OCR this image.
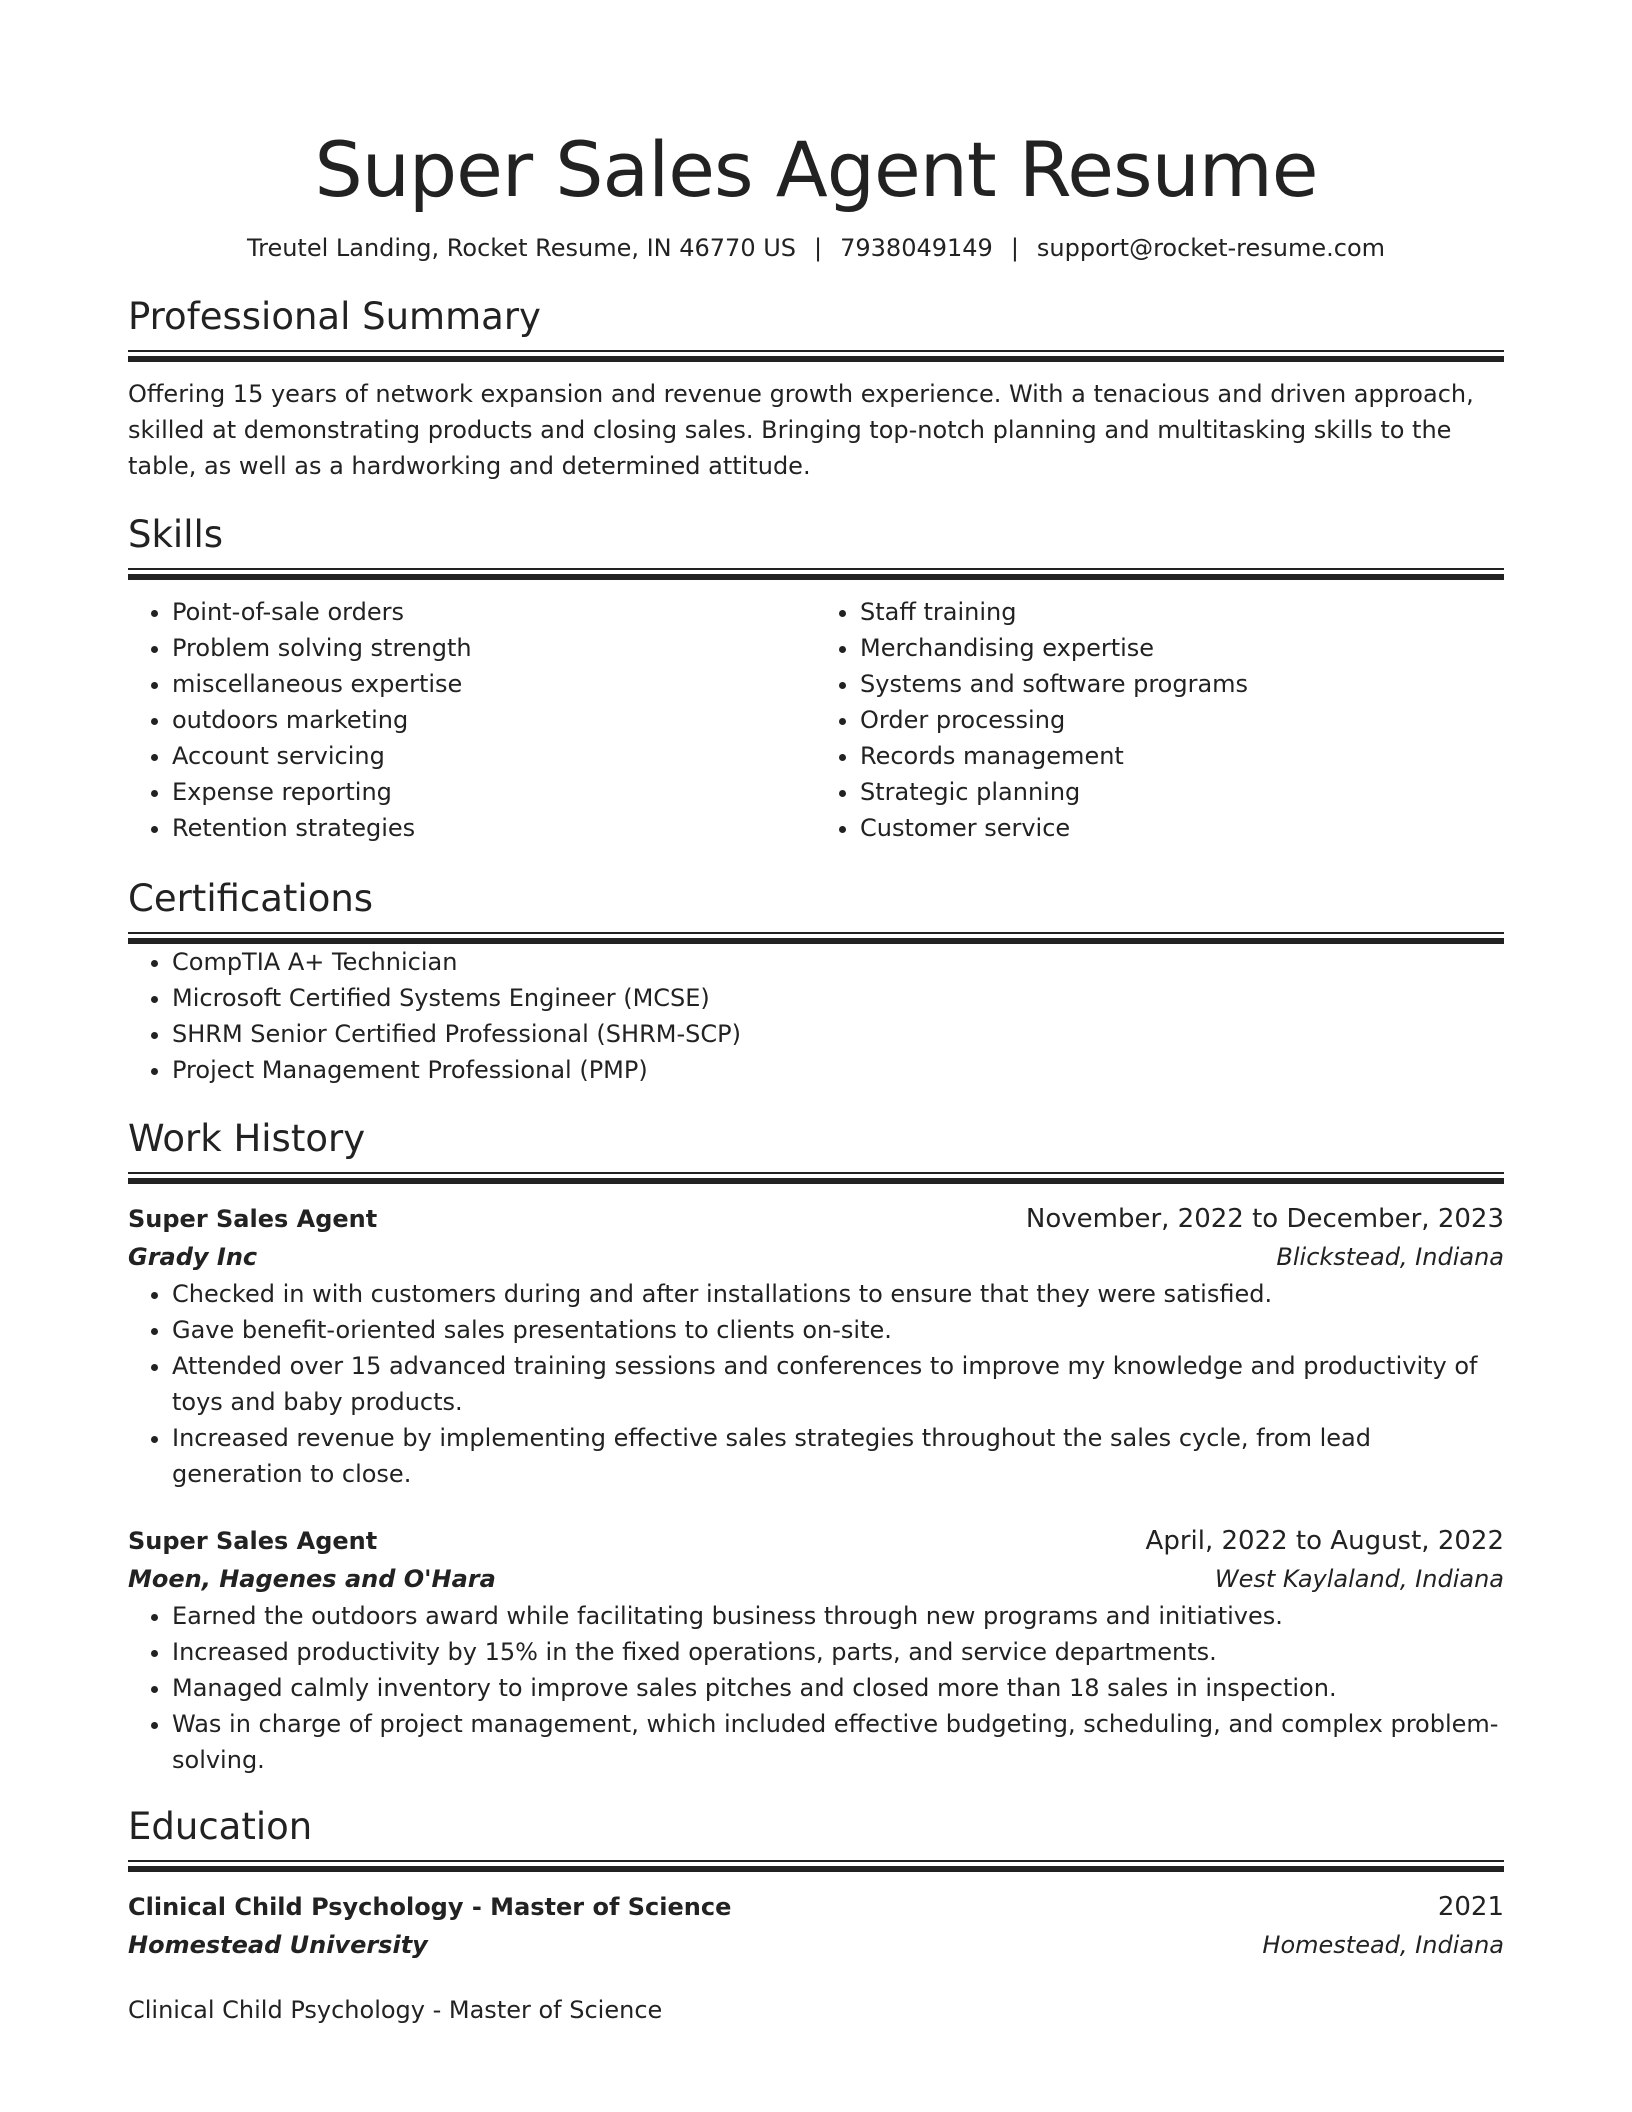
Super Sales Agent Resume
Treutel Landing, Rocket Resume, IN 46770 US | 7938049149 | support@rocket-resume.com
Professional Summary

Offering 15 years of network expansion and revenue growth experience. With a tenacious and driven approach, skilled at demonstrating products and closing sales. Bringing top-notch planning and multitasking skills to the table, as well as a hardworking and determined attitude.

Skills
• Point-of-sale orders
• Problem solving strength
• miscellaneous expertise
• outdoors marketing
• Account servicing
• Expense reporting
• Retention strategies
• Staff training
• Merchandising expertise
• Systems and software programs
• Order processing
• Records management
• Strategic planning
• Customer service
Certifications
• CompTIA A+ Technician
• Microsoft Certified Systems Engineer (MCSE)
• SHRM Senior Certified Professional (SHRM-SCP)
• Project Management Professional (PMP)
Work History
Super Sales Agent	November, 2022 to December, 2023
Grady Inc	Blickstead, Indiana
• Checked in with customers during and after installations to ensure that they were satisfied.
• Gave benefit-oriented sales presentations to clients on-site.
• Attended over 15 advanced training sessions and conferences to improve my knowledge and productivity of toys and baby products.
• Increased revenue by implementing effective sales strategies throughout the sales cycle, from lead generation to close.
Super Sales Agent	April, 2022 to August, 2022
Moen, Hagenes and O'Hara	West Kaylaland, Indiana
• Earned the outdoors award while facilitating business through new programs and initiatives.
• Increased productivity by 15% in the fixed operations, parts, and service departments.
• Managed calmly inventory to improve sales pitches and closed more than 18 sales in inspection.
• Was in charge of project management, which included effective budgeting, scheduling, and complex problem-solving.
Education
Clinical Child Psychology - Master of Science	2021
Homestead University	Homestead, Indiana
Clinical Child Psychology - Master of Science
